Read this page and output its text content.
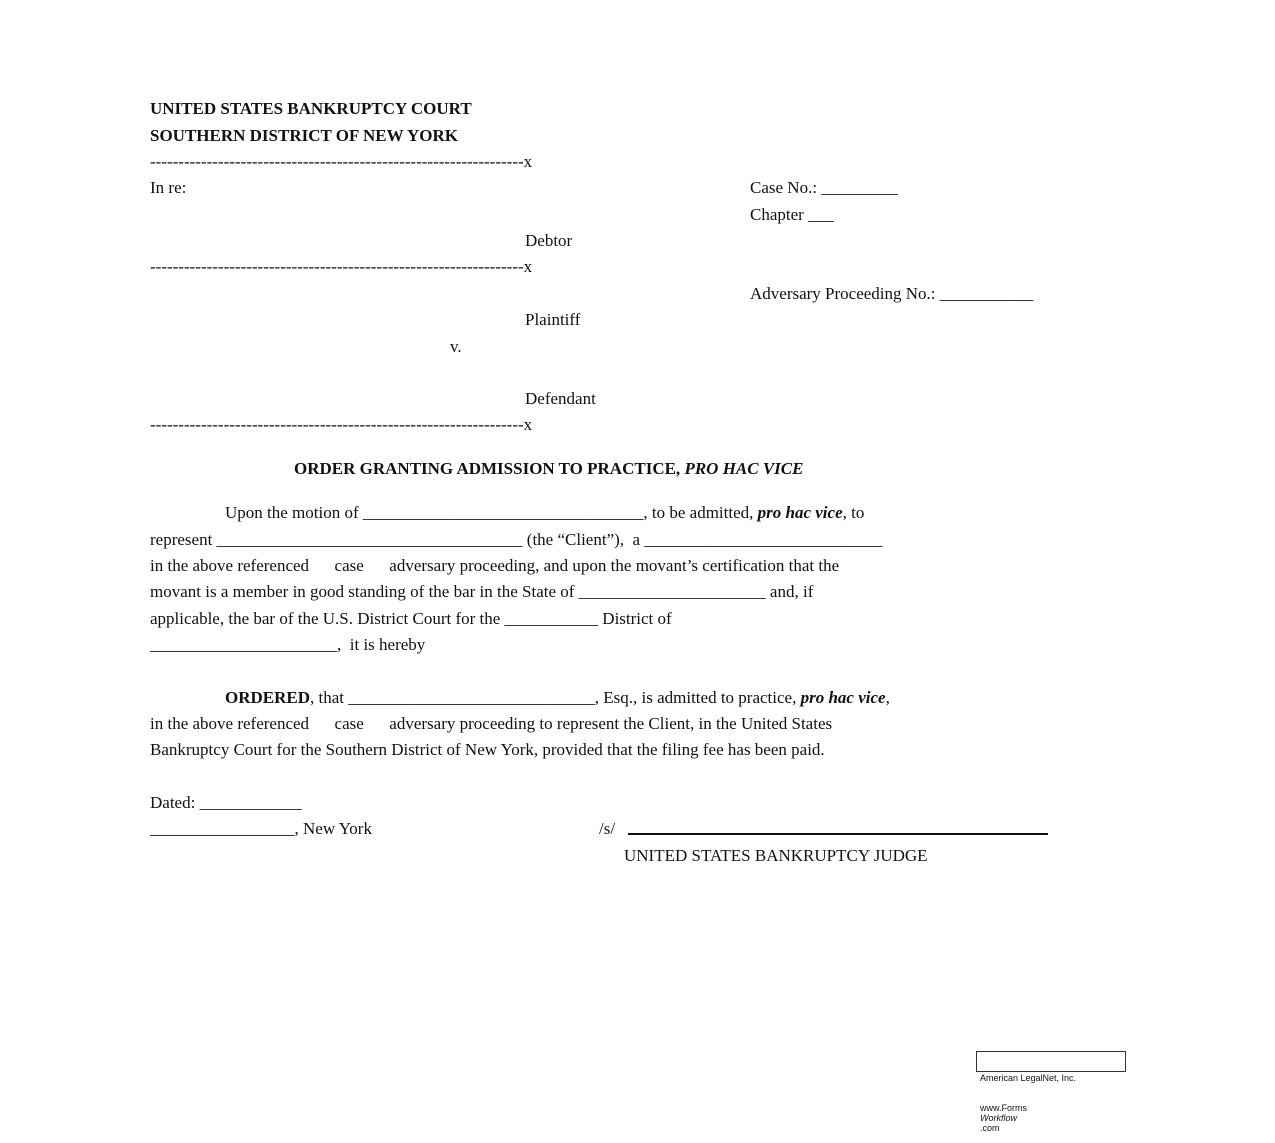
UNITED STATES BANKRUPTCY COURT
SOUTHERN DISTRICT OF NEW YORK
------------------------------------------------------------------x
In re:
Debtor
------------------------------------------------------------------x
Plaintiff
v.
Defendant
------------------------------------------------------------------x
Case No.: _________
Chapter ___
Adversary Proceeding No.: ___________
ORDER GRANTING ADMISSION TO PRACTICE, PRO HAC VICE
Upon the motion of _________________________________, to be admitted, pro hac vice, to
represent ____________________________________ (the “Client”),  a ____________________________
in the above referenced      case      adversary proceeding, and upon the movant’s certification that the
movant is a member in good standing of the bar in the State of ______________________ and, if
applicable, the bar of the U.S. District Court for the ___________ District of
______________________,  it is hereby
ORDERED, that _____________________________, Esq., is admitted to practice, pro hac vice,
in the above referenced      case      adversary proceeding to represent the Client, in the United States
Bankruptcy Court for the Southern District of New York, provided that the filing fee has been paid.
Dated: ____________
_________________, New York	/s/
UNITED STATES BANKRUPTCY JUDGE

American LegalNet, Inc.

www.Forms
Workflow
.com
